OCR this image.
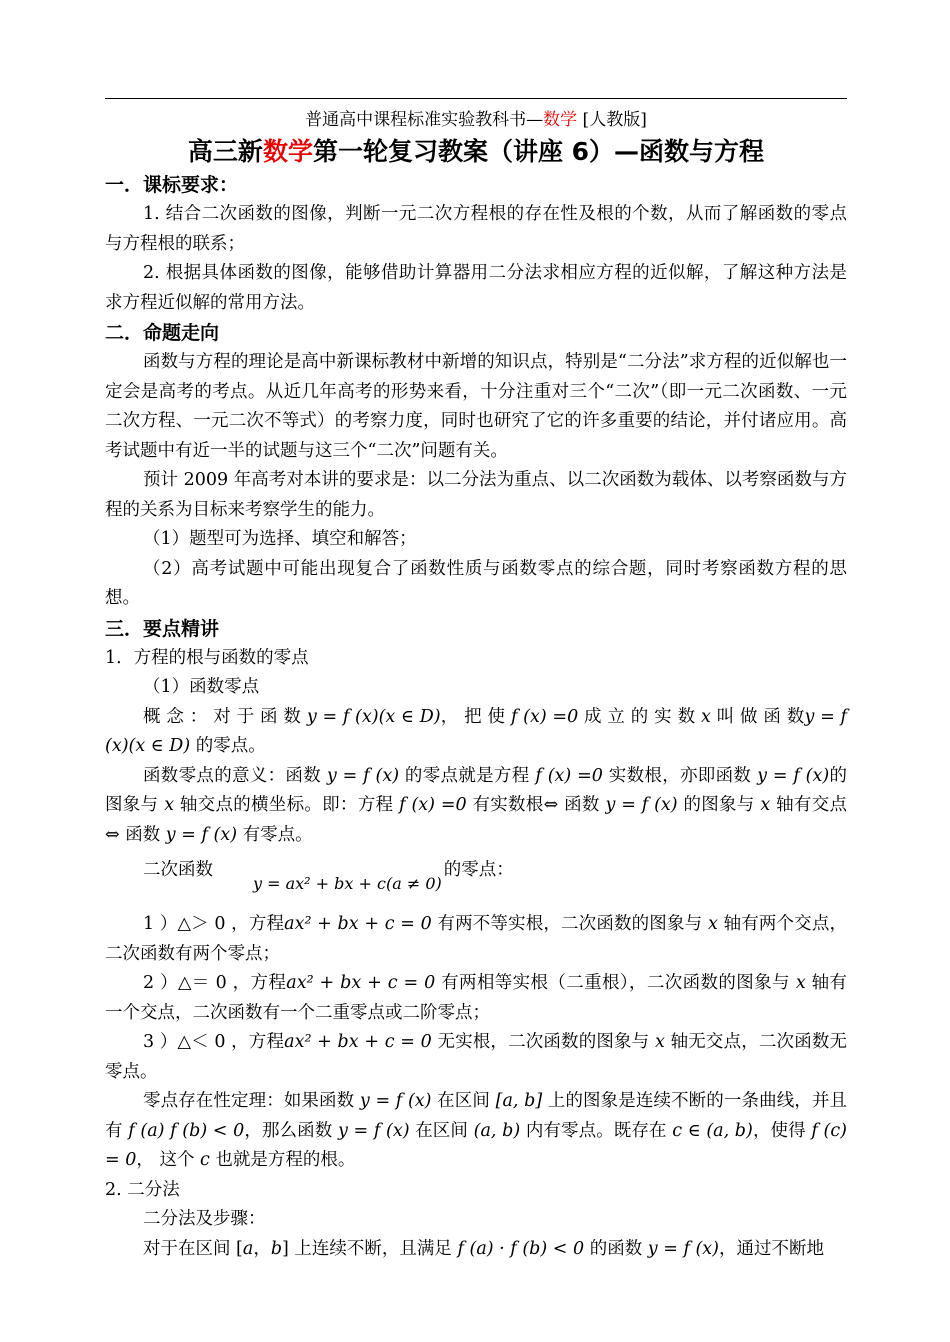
普通高中课程标准实验教科书—数学 [人教版]
高三新数学第一轮复习教案（讲座 6）—函数与方程
一．课标要求：

1. 结合二次函数的图像，判断一元二次方程根的存在性及根的个数，从而了解函数的零点与方程根的联系；

2. 根据具体函数的图像，能够借助计算器用二分法求相应方程的近似解，了解这种方法是求方程近似解的常用方法。

二．命题走向

函数与方程的理论是高中新课标教材中新增的知识点，特别是“二分法”求方程的近似解也一定会是高考的考点。从近几年高考的形势来看，十分注重对三个“二次”（即一元二次函数、一元二次方程、一元二次不等式）的考察力度，同时也研究了它的许多重要的结论，并付诸应用。高考试题中有近一半的试题与这三个“二次”问题有关。

预计 2009 年高考对本讲的要求是：以二分法为重点、以二次函数为载体、以考察函数与方程的关系为目标来考察学生的能力。

（1）题型可为选择、填空和解答；

（2）高考试题中可能出现复合了函数性质与函数零点的综合题，同时考察函数方程的思想。

三．要点精讲

1．方程的根与函数的零点

（1）函数零点

概 念 ： 对 于 函 数 y = f (x)(x ∈ D)， 把 使 f (x) =0 成 立 的 实 数 x 叫 做 函 数y = f (x)(x ∈ D) 的零点。

函数零点的意义：函数 y = f (x) 的零点就是方程 f (x) =0 实数根，亦即函数 y = f (x)的图象与 x 轴交点的横坐标。即：方程 f (x) =0 有实数根⇔ 函数 y = f (x) 的图象与 x 轴有交点⇔ 函数 y = f (x) 有零点。

二次函数y = ax² + bx + c(a ≠ 0)的零点：

1 ）△＞ 0 ，方程ax² + bx + c = 0 有两不等实根，二次函数的图象与 x 轴有两个交点，二次函数有两个零点；

2 ）△＝ 0 ，方程ax² + bx + c = 0 有两相等实根（二重根），二次函数的图象与 x 轴有一个交点，二次函数有一个二重零点或二阶零点；

3 ）△＜ 0 ，方程ax² + bx + c = 0 无实根，二次函数的图象与 x 轴无交点，二次函数无零点。

零点存在性定理：如果函数 y = f (x) 在区间 [a, b] 上的图象是连续不断的一条曲线，并且有 f (a) f (b) < 0，那么函数 y = f (x) 在区间 (a, b) 内有零点。既存在 c ∈ (a, b)，使得 f (c) = 0， 这个 c 也就是方程的根。

2. 二分法

二分法及步骤：

对于在区间 [a，b] 上连续不断，且满足 f (a) · f (b) < 0 的函数 y = f (x)，通过不断地
